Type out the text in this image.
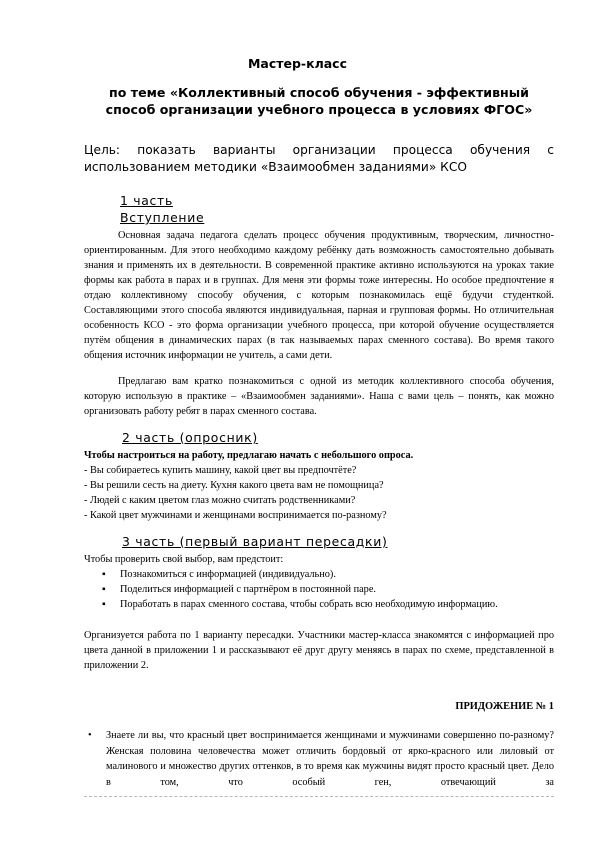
Мастер-класс
по теме «Коллективный способ обучения - эффективный способ организации учебного процесса в условиях ФГОС»
Цель: показать варианты организации процесса обучения с использованием методики «Взаимообмен заданиями» КСО
1 часть
Вступление
Основная задача педагога сделать процесс обучения продуктивным, творческим, личностно-ориентированным. Для этого необходимо каждому ребёнку дать возможность самостоятельно добывать знания и применять их в деятельности. В современной практике активно используются на уроках такие формы как работа в парах и в группах. Для меня эти формы тоже интересны. Но особое предпочтение я отдаю коллективному способу обучения, с которым познакомилась ещё будучи студенткой. Составляющими этого способа являются индивидуальная, парная и групповая формы. Но отличительная особенность КСО - это форма организации учебного процесса, при которой обучение осуществляется путём общения в динамических парах (в так называемых парах сменного состава). Во время такого общения источник информации не учитель, а сами дети.
Предлагаю вам кратко познакомиться с одной из методик коллективного способа обучения, которую использую в практике – «Взаимообмен заданиями». Наша с вами цель – понять, как можно организовать работу ребят в парах сменного состава.
2 часть (опросник)
Чтобы настроиться на работу, предлагаю начать с небольшого опроса.
- Вы собираетесь купить машину, какой цвет вы предпочтёте?
- Вы решили сесть на диету. Кухня какого цвета вам не помощница?
- Людей с каким цветом глаз можно считать родственниками?
- Какой цвет мужчинами и женщинами воспринимается по-разному?
3 часть (первый вариант пересадки)
Чтобы проверить свой выбор, вам предстоит:
▪ Познакомиться с информацией (индивидуально).
▪ Поделиться информацией с партнёром в постоянной паре.
▪ Поработать в парах сменного состава, чтобы собрать всю необходимую информацию.
Организуется работа по 1 варианту пересадки. Участники мастер-класса знакомятся с информацией про цвета данной в приложении 1 и рассказывают её друг другу меняясь в парах по схеме, представленной в приложении 2.
ПРИДОЖЕНИЕ № 1
•	Знаете ли вы, что красный цвет воспринимается женщинами и мужчинами совершенно по-разному? Женская половина человечества может отличить бордовый от ярко-красного или лиловый от малинового и множество других оттенков, в то время как мужчины видят просто красный цвет. Дело в том, что особый ген, отвечающий за
